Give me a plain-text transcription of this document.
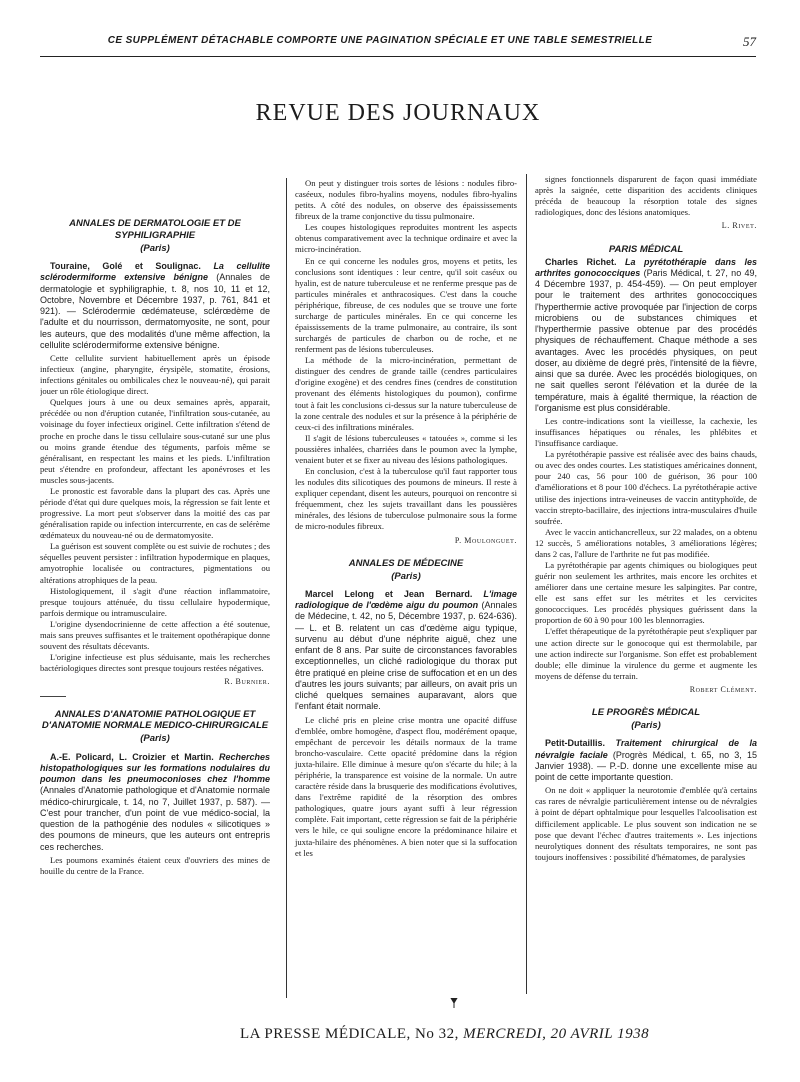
CE SUPPLÉMENT DÉTACHABLE COMPORTE UNE PAGINATION SPÉCIALE ET UNE TABLE SEMESTRIELLE	57
REVUE DES JOURNAUX
ANNALES DE DERMATOLOGIE ET DE SYPHILIGRAPHIE
(Paris)

Touraine, Golé et Soulignac. La cellulite sclérodermiforme extensive bénigne (Annales de dermatologie et syphiligraphie, t. 8, nos 10, 11 et 12, Octobre, Novembre et Décembre 1937, p. 761, 841 et 921). — Sclérodermie œdémateuse, sclérœdème de l'adulte et du nourrisson, dermatomyosite, ne sont, pour les auteurs, que des modalités d'une même affection, la cellulite sclérodermiforme extensive bénigne.

Cette cellulite survient habituellement après un épisode infectieux (angine, pharyngite, érysipèle, stomatite, érosions, infections génitales ou ombilicales chez le nouveau-né), qui parait jouer un rôle étiologique direct.

Quelques jours à une ou deux semaines après, apparait, précédée ou non d'éruption cutanée, l'infiltration sous-cutanée, au voisinage du foyer infectieux originel. Cette infiltration s'étend de proche en proche dans le tissu cellulaire sous-cutané sur une plus ou moins grande étendue des téguments, parfois même se généralisant, en respectant les mains et les pieds. L'infiltration peut s'étendre en profondeur, affectant les aponévroses et les muscles sous-jacents.

Le pronostic est favorable dans la plupart des cas. Après une période d'état qui dure quelques mois, la régression se fait lente et progressive. La mort peut s'observer dans la moitié des cas par généralisation rapide ou infection intercurrente, en cas de selérème œdémateux du nouveau-né ou de dermatomyosite.

La guérison est souvent complète ou est suivie de rochutes ; des séquelles peuvent persister : infiltration hypodermique en plaques, amyotrophie localisée ou contractures, pigmentations ou altérations atrophiques de la peau.

Histologiquement, il s'agit d'une réaction inflammatoire, presque toujours atténuée, du tissu cellulaire hypodermique, parfois dermique ou intramusculaire.

L'origine dysendocrinienne de cette affection a été soutenue, mais sans preuves suffisantes et le traitement opothérapique donne souvent des résultats décevants.

L'origine infectieuse est plus séduisante, mais les recherches bactériologiques directes sont presque toujours restées négatives.

R. Burnier.
ANNALES D'ANATOMIE PATHOLOGIQUE ET D'ANATOMIE NORMALE MEDICO-CHIRURGICALE
(Paris)

A.-E. Policard, L. Croizier et Martin. Recherches histopathologiques sur les formations nodulaires du poumon dans les pneumoconioses chez l'homme (Annales d'Anatomie pathologique et d'Anatomie normale médico-chirurgicale, t. 14, no 7, Juillet 1937, p. 587). — C'est pour trancher, d'un point de vue médico-social, la question de la pathogénie des nodules « silicotiques » des poumons de mineurs, que les auteurs ont entrepris ces recherches.

Les poumons examinés étaient ceux d'ouvriers des mines de houille du centre de la France.

On peut y distinguer trois sortes de lésions : nodules fibro-caséeux, nodules fibro-hyalins moyens, nodules fibro-hyalins petits. A côté des nodules, on observe des épaississements fibreux de la trame conjonctive du tissu pulmonaire.

Les coupes histologiques reproduites montrent les aspects obtenus comparativement avec la technique ordinaire et avec la micro-incinération.

En ce qui concerne les nodules gros, moyens et petits, les conclusions sont identiques : leur centre, qu'il soit caséux ou hyalin, est de nature tuberculeuse et ne renferme presque pas de particules minérales et anthracosiques. C'est dans la couche périphérique, fibreuse, de ces nodules que se trouve une forte surcharge de particules minérales. En ce qui concerne les épaississements de la trame pulmonaire, au contraire, ils sont surchargés de particules de charbon ou de roche, et ne renferment pas de lésions tuberculeuses.

La méthode de la micro-incinération, permettant de distinguer des cendres de grande taille (cendres particulaires d'origine exogène) et des cendres fines (cendres de constitution provenant des éléments histologiques du poumon), confirme tout à fait les conclusions ci-dessus sur la nature tuberculeuse de la zone centrale des nodules et sur la présence à la périphérie de ceux-ci des infiltrations minérales.

Il s'agit de lésions tuberculeuses « tatouées », comme si les poussières inhalées, charriées dans le poumon avec la lymphe, venaient buter et se fixer au niveau des lésions pathologiques.

En conclusion, c'est à la tuberculose qu'il faut rapporter tous les nodules dits silicotiques des poumons de mineurs. Il reste à expliquer cependant, disent les auteurs, pourquoi on rencontre si fréquemment, chez les sujets travaillant dans les poussières minérales, des lésions de tuberculose pulmonaire sous la forme de micro-nodules fibreux.

P. Moulonguet.
ANNALES DE MÉDECINE
(Paris)

Marcel Lelong et Jean Bernard. L'image radiologique de l'œdème aigu du poumon (Annales de Médecine, t. 42, no 5, Décembre 1937, p. 624-636). — L. et B. relatent un cas d'œdème aigu typique, survenu au début d'une néphrite aiguë, chez une enfant de 8 ans. Par suite de circonstances favorables exceptionnelles, un cliché radiologique du thorax put être pratiqué en pleine crise de suffocation et en un des d'autres les jours suivants; par ailleurs, on avait pris un cliché quelques semaines auparavant, alors que l'enfant était normale.

Le cliché pris en pleine crise montra une opacité diffuse d'emblée, ombre homogène, d'aspect flou, modérément opaque, empêchant de percevoir les détails normaux de la trame broncho-vasculaire. Cette opacité prédomine dans la région juxta-hilaire. Elle diminue à mesure qu'on s'écarte du hile; à la périphérie, la transparence est voisine de la normale. Un autre caractère réside dans la brusquerie des modifications évolutives, dans l'extrême rapidité de la résorption des ombres pathologiques, quatre jours ayant suffi à leur régression complète. Fait important, cette régression se fait de la périphérie vers le hile, ce qui souligne encore la prédominance hilaire et juxta-hilaire des phénomènes. A bien noter que si la suffocation et les

signes fonctionnels disparurent de façon quasi immédiate après la saignée, cette disparition des accidents cliniques précéda de beaucoup la résorption totale des signes radiologiques, donc des lésions anatomiques.

L. Rivet.
PARIS MÉDICAL

Charles Richet. La pyrétothérapie dans les arthrites gonococciques (Paris Médical, t. 27, no 49, 4 Décembre 1937, p. 454-459). — On peut employer pour le traitement des arthrites gonococciques l'hyperthermie active provoquée par l'injection de corps microbiens ou de substances chimiques et l'hyperthermie passive obtenue par des procédés physiques de réchauffement. Chaque méthode a ses avantages. Avec les procédés physiques, on peut doser, au dixième de degré près, l'intensité de la fièvre, ainsi que sa durée. Avec les procédés biologiques, on ne sait quelles seront l'élévation et la durée de la température, mais à égalité thermique, la réaction de l'organisme est plus considérable.

Les contre-indications sont la vieillesse, la cachexie, les insuffisances hépatiques ou rénales, les phlébites et l'insuffisance cardiaque.

La pyrétothérapie passive est réalisée avec des bains chauds, ou avec des ondes courtes. Les statistiques américaines donnent, pour 240 cas, 56 pour 100 de guérison, 36 pour 100 d'améliorations et 8 pour 100 d'échecs. La pyrétothérapie active utilise des injections intra-veineuses de vaccin antityphoïde, de vaccin strepto-bacillaire, des injections intra-musculaires d'huile soufrée.

Avec le vaccin antichancrelleux, sur 22 malades, on a obtenu 12 succès, 5 améliorations notables, 3 améliorations légères; dans 2 cas, l'allure de l'arthrite ne fut pas modifiée.

La pyrétothérapie par agents chimiques ou biologiques peut guérir non seulement les arthrites, mais encore les orchites et améliorer dans une certaine mesure les salpingites. Par contre, elle est sans effet sur les métrites et les cervicites gonococciques. Les procédés physiques guérissent dans la proportion de 60 à 90 pour 100 les blennorragies.

L'effet thérapeutique de la pyrétothérapie peut s'expliquer par une action directe sur le gonocoque qui est thermolabile, par une action indirecte sur l'organisme. Son effet est probablement double; elle diminue la virulence du germe et augmente les moyens de défense du terrain.

Robert Clément.
LE PROGRÈS MÉDICAL
(Paris)

Petit-Dutaillis. Traitement chirurgical de la névralgie faciale (Progrès Médical, t. 65, no 3, 15 Janvier 1938). — P.-D. donne une excellente mise au point de cette importante question.

On ne doit « appliquer la neurotomie d'emblée qu'à certains cas rares de névralgie particulièrement intense ou de névralgies à point de départ ophtalmique pour lesquelles l'alcoolisation est difficilement applicable. Le plus souvent son indication ne se pose que devant l'échec d'autres traitements ». Les injections neurolytiques donnent des résultats temporaires, ne sont pas toujours inoffensives : possibilité d'hématomes, de paralysies

LA PRESSE MÉDICALE, No 32, MERCREDI, 20 AVRIL 1938
